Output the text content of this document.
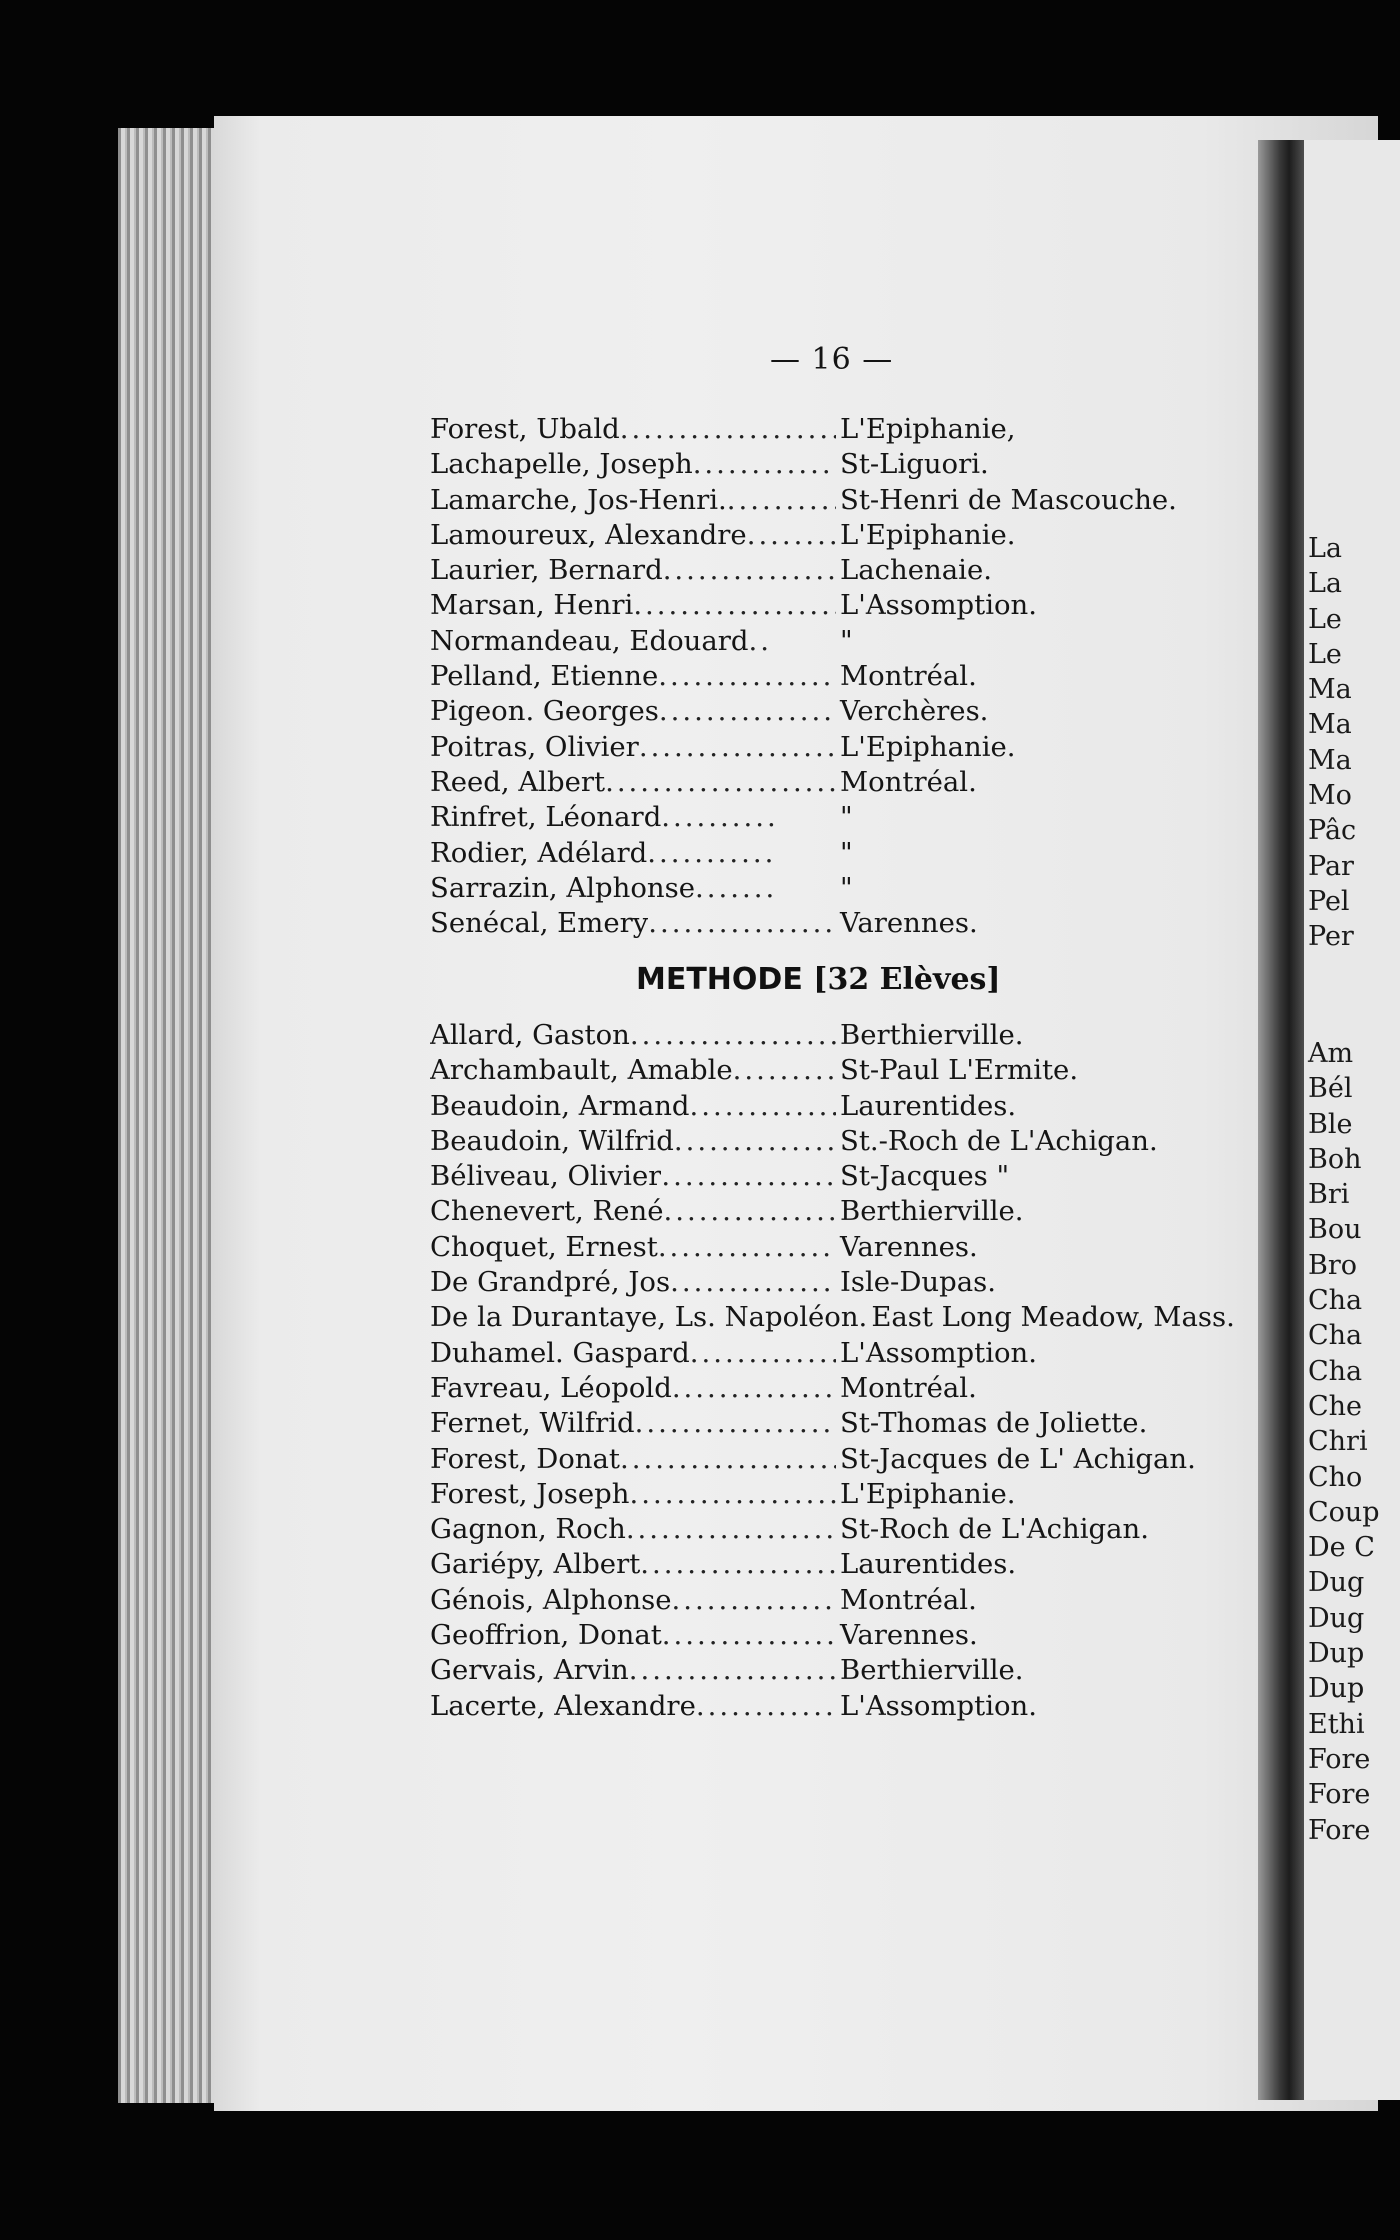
La
La
Le
Le
Ma
Ma
Ma
Mo
Pâc
Par
Pel
Per
Am
Bél
Ble
Boh
Bri
Bou
Bro
Cha
Cha
Cha
Che
Chri
Cho
Coup
De C
Dug
Dug
Dup
Dup
Ethi
Fore
Fore
Fore
— 16 —
Forest, Ubald .....	L'Epiphanie,
Lachapelle, Joseph .....	St-Liguori.
Lamarche, Jos-Henri. .....	St-Henri de Mascouche.
Lamoureux, Alexandre .....	L'Epiphanie.
Laurier, Bernard .....	Lachenaie.
Marsan, Henri .....	L'Assomption.
Normandeau, Edouard .....	"
Pelland, Etienne .....	Montréal.
Pigeon. Georges .....	Verchères.
Poitras, Olivier .....	L'Epiphanie.
Reed, Albert .....	Montréal.
Rinfret, Léonard .....	"
Rodier, Adélard .....	"
Sarrazin, Alphonse .....	"
Senécal, Emery .....	Varennes.
METHODE [32 Elèves]
Allard, Gaston .....	Berthierville.
Archambault, Amable .....	St-Paul L'Ermite.
Beaudoin, Armand .....	Laurentides.
Beaudoin, Wilfrid .....	St.-Roch de L'Achigan.
Béliveau, Olivier .....	St-Jacques "
Chenevert, René .....	Berthierville.
Choquet, Ernest .....	Varennes.
De Grandpré, Jos .....	Isle-Dupas.
De la Durantaye, Ls. Napoléon. East Long Meadow, Mass.
Duhamel. Gaspard .....	L'Assomption.
Favreau, Léopold .....	Montréal.
Fernet, Wilfrid .....	St-Thomas de Joliette.
Forest, Donat .....	St-Jacques de L' Achigan.
Forest, Joseph .....	L'Epiphanie.
Gagnon, Roch .....	St-Roch de L'Achigan.
Gariépy, Albert .....	Laurentides.
Génois, Alphonse .....	Montréal.
Geoffrion, Donat .....	Varennes.
Gervais, Arvin .....	Berthierville.
Lacerte, Alexandre .....	L'Assomption.
